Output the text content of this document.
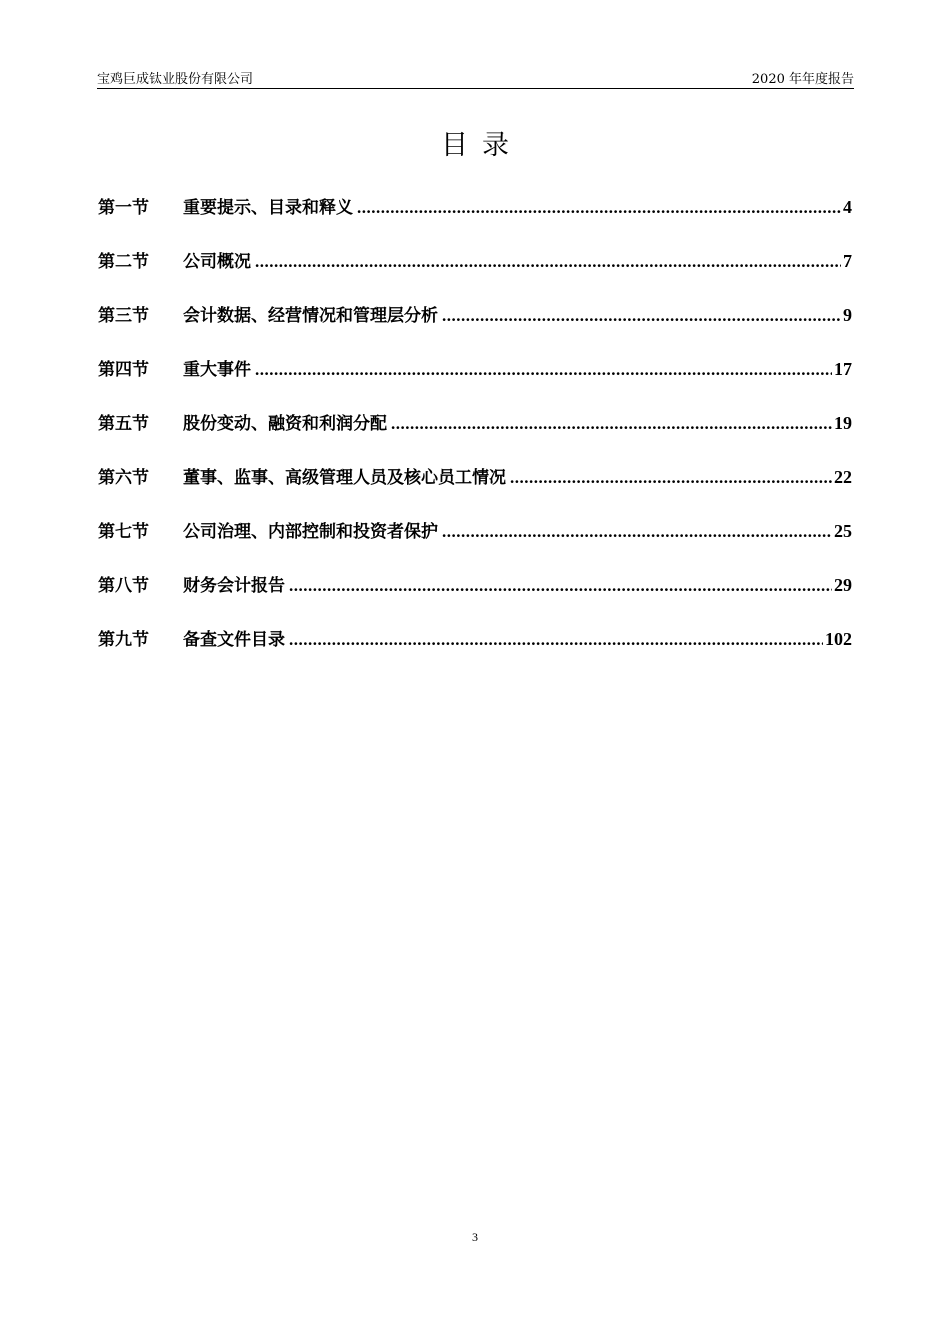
宝鸡巨成钛业股份有限公司	2020 年年度报告
目录
第一节	重要提示、目录和释义 .....	4
第二节	公司概况 .....	7
第三节	会计数据、经营情况和管理层分析 .....	9
第四节	重大事件 .....	17
第五节	股份变动、融资和利润分配 .....	19
第六节	董事、监事、高级管理人员及核心员工情况 .....	22
第七节	公司治理、内部控制和投资者保护 .....	25
第八节	财务会计报告 .....	29
第九节	备查文件目录 .....	102
3
